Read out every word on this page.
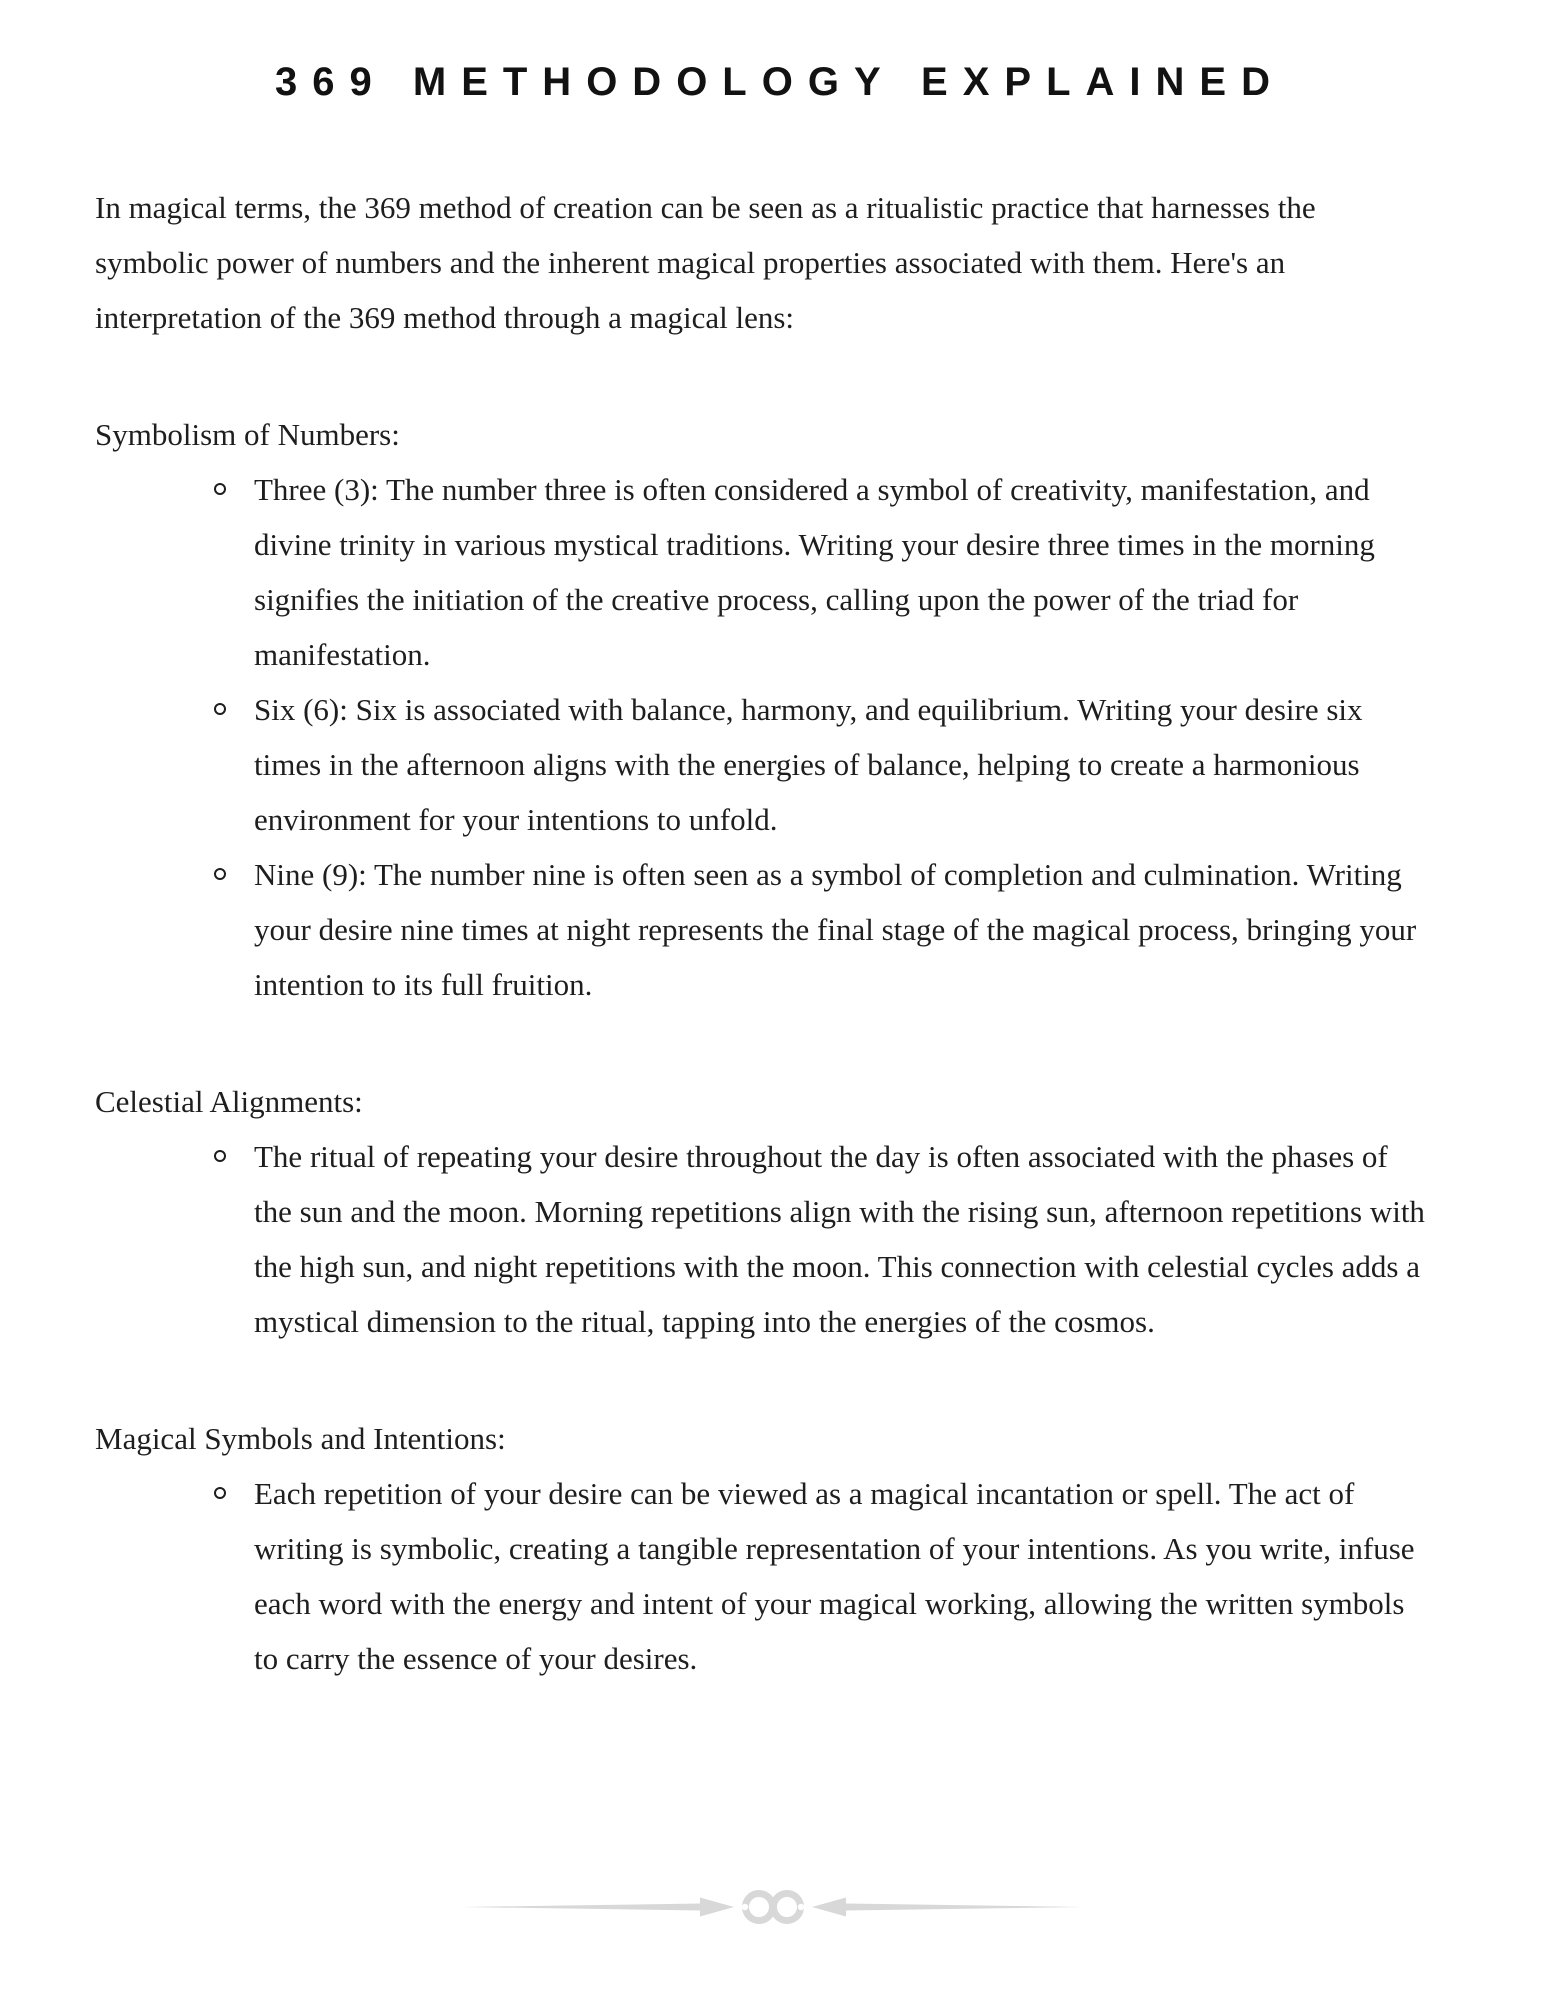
369 METHODOLOGY EXPLAINED

In magical terms, the 369 method of creation can be seen as a ritualistic practice that harnesses the symbolic power of numbers and the inherent magical properties associated with them. Here's an interpretation of the 369 method through a magical lens:

Symbolism of Numbers:

Three (3): The number three is often considered a symbol of creativity, manifestation, and divine trinity in various mystical traditions. Writing your desire three times in the morning signifies the initiation of the creative process, calling upon the power of the triad for manifestation.
Six (6): Six is associated with balance, harmony, and equilibrium. Writing your desire six times in the afternoon aligns with the energies of balance, helping to create a harmonious environment for your intentions to unfold.
Nine (9): The number nine is often seen as a symbol of completion and culmination. Writing your desire nine times at night represents the final stage of the magical process, bringing your intention to its full fruition.

Celestial Alignments:

The ritual of repeating your desire throughout the day is often associated with the phases of the sun and the moon. Morning repetitions align with the rising sun, afternoon repetitions with the high sun, and night repetitions with the moon. This connection with celestial cycles adds a mystical dimension to the ritual, tapping into the energies of the cosmos.

Magical Symbols and Intentions:

Each repetition of your desire can be viewed as a magical incantation or spell. The act of writing is symbolic, creating a tangible representation of your intentions. As you write, infuse each word with the energy and intent of your magical working, allowing the written symbols to carry the essence of your desires.
